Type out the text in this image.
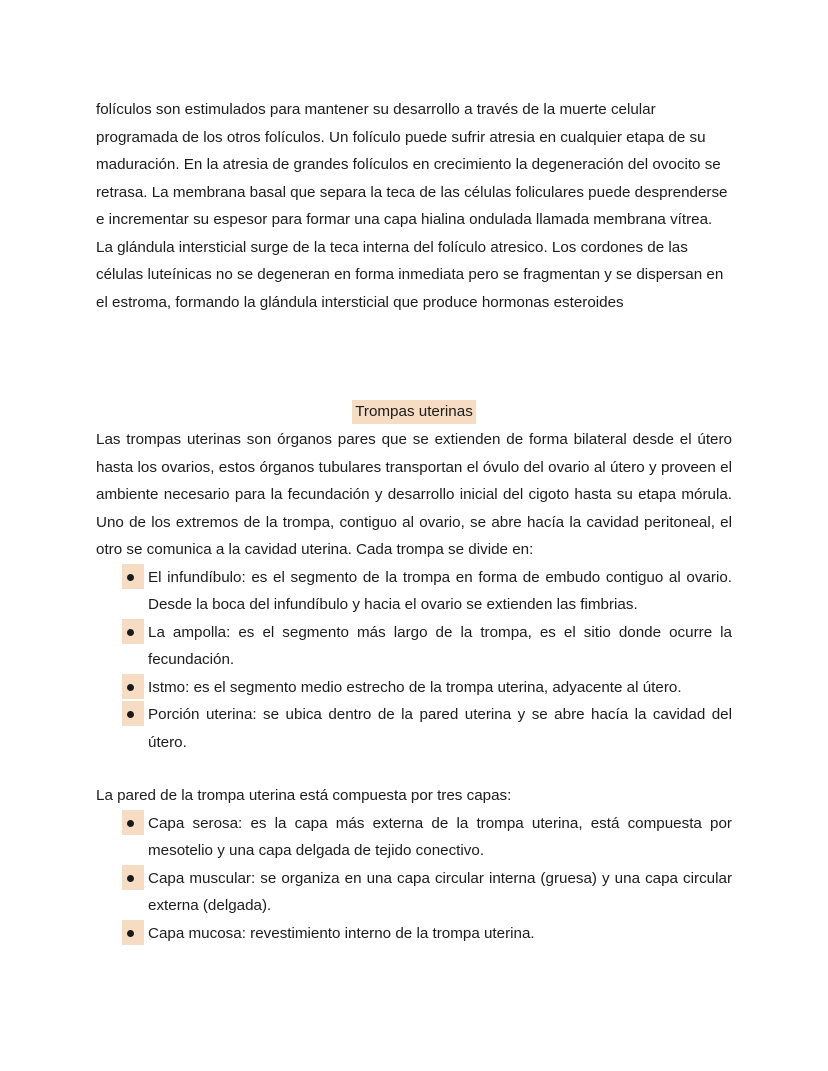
folículos son estimulados para mantener su desarrollo a través de la muerte celular programada de los otros folículos. Un folículo puede sufrir atresia en cualquier etapa de su maduración. En la atresia de grandes folículos en crecimiento la degeneración del ovocito se retrasa. La membrana basal que separa la teca de las células foliculares puede desprenderse e incrementar su espesor para formar una capa hialina ondulada llamada membrana vítrea. La glándula intersticial surge de la teca interna del folículo atresico. Los cordones de las células luteínicas no se degeneran en forma inmediata pero se fragmentan y se dispersan en el estroma, formando la glándula intersticial que produce hormonas esteroides

Trompas uterinas

Las trompas uterinas son órganos pares que se extienden de forma bilateral desde el útero hasta los ovarios, estos órganos tubulares transportan el óvulo del ovario al útero y proveen el ambiente necesario para la fecundación y desarrollo inicial del cigoto hasta su etapa mórula. Uno de los extremos de la trompa, contiguo al ovario, se abre hacía la cavidad peritoneal, el otro se comunica a la cavidad uterina. Cada trompa se divide en:

El infundíbulo: es el segmento de la trompa en forma de embudo contiguo al ovario. Desde la boca del infundíbulo y hacia el ovario se extienden las fimbrias.
La ampolla: es el segmento más largo de la trompa, es el sitio donde ocurre la fecundación.
Istmo: es el segmento medio estrecho de la trompa uterina, adyacente al útero.
Porción uterina: se ubica dentro de la pared uterina y se abre hacía la cavidad del útero.

La pared de la trompa uterina está compuesta por tres capas:

Capa serosa: es la capa más externa de la trompa uterina, está compuesta por mesotelio y una capa delgada de tejido conectivo.
Capa muscular: se organiza en una capa circular interna (gruesa) y una capa circular externa (delgada).
Capa mucosa: revestimiento interno de la trompa uterina.
